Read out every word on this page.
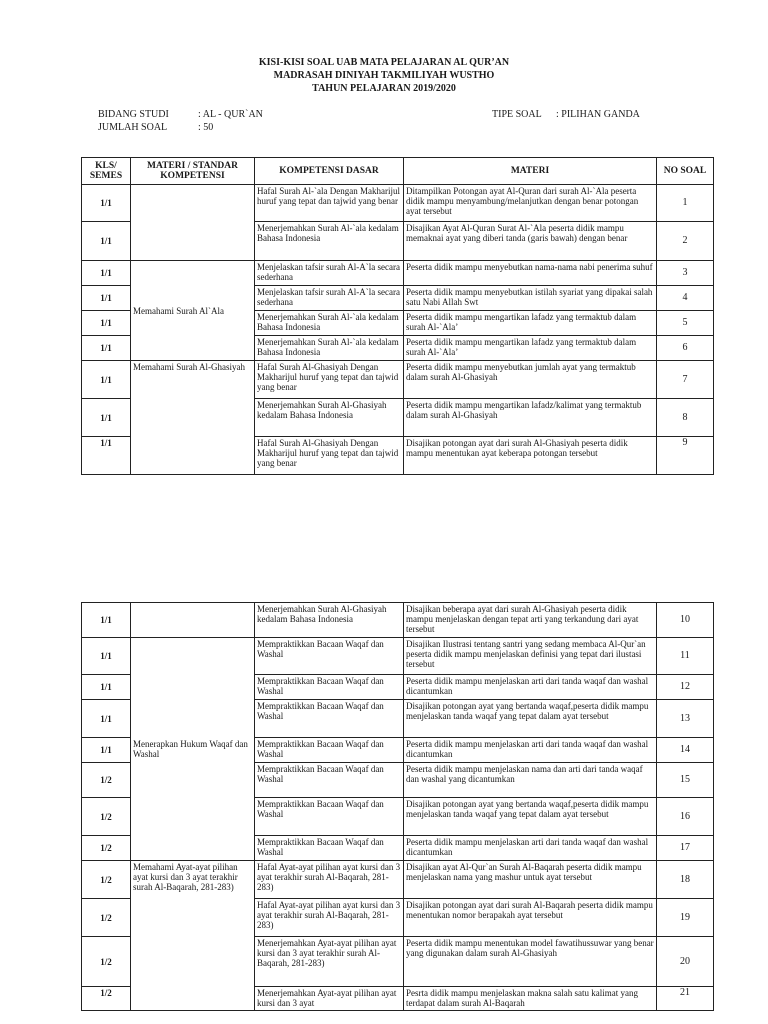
KISI-KISI SOAL UAB MATA PELAJARAN AL QUR’AN
MADRASAH DINIYAH TAKMILIYAH WUSTHO
TAHUN PELAJARAN 2019/2020
BIDANG STUDI	: AL - QUR`AN
JUMLAH SOAL	: 50
TIPE SOAL : PILIHAN GANDA
KLS/ SEMES	MATERI / STANDAR KOMPETENSI	KOMPETENSI DASAR	MATERI	NO SOAL
1/1		Hafal Surah Al-`ala Dengan Makharijul huruf yang tepat dan tajwid yang benar	Ditampilkan Potongan ayat Al-Quran dari surah Al-`Ala peserta didik mampu menyambung/melanjutkan dengan benar potongan ayat tersebut	1
1/1		Menerjemahkan Surah Al-`ala kedalam Bahasa Indonesia	Disajikan Ayat Al-Quran Surat Al-`Ala peserta didik mampu memaknai ayat yang diberi tanda (garis bawah) dengan benar	2
1/1	Memahami Surah Al`Ala	Menjelaskan tafsir surah Al-A`la secara sederhana	Peserta didik mampu menyebutkan nama-nama nabi penerima suhuf	3
1/1		Menjelaskan tafsir surah Al-A`la secara sederhana	Peserta didik mampu menyebutkan istilah syariat yang dipakai salah satu Nabi Allah Swt	4
1/1		Menerjemahkan Surah Al-`ala kedalam Bahasa Indonesia	Peserta didik mampu mengartikan lafadz yang termaktub dalam surah Al-`Ala’	5
1/1		Menerjemahkan Surah Al-`ala kedalam Bahasa Indonesia	Peserta didik mampu mengartikan lafadz yang termaktub dalam surah Al-`Ala’	6
1/1	Memahami Surah Al-Ghasiyah	Hafal Surah Al-Ghasiyah Dengan Makharijul huruf yang tepat dan tajwid yang benar	Peserta didik mampu menyebutkan jumlah ayat yang termaktub dalam surah Al-Ghasiyah	7
1/1		Menerjemahkan Surah Al-Ghasiyah kedalam Bahasa Indonesia	Peserta didik mampu mengartikan lafadz/kalimat yang termaktub dalam surah Al-Ghasiyah	8
1/1		Hafal Surah Al-Ghasiyah Dengan Makharijul huruf yang tepat dan tajwid yang benar	Disajikan potongan ayat dari surah Al-Ghasiyah peserta didik mampu menentukan ayat keberapa potongan tersebut	9
1/1		Menerjemahkan Surah Al-Ghasiyah kedalam Bahasa Indonesia	Disajikan beberapa ayat dari surah Al-Ghasiyah peserta didik mampu menjelaskan dengan tepat arti yang terkandung dari ayat tersebut	10
1/1	Menerapkan Hukum Waqaf dan Washal	Mempraktikkan Bacaan Waqaf dan Washal	Disajikan Ilustrasi tentang santri yang sedang membaca Al-Qur`an peserta didik mampu menjelaskan definisi yang tepat dari ilustasi tersebut	11
1/1		Mempraktikkan Bacaan Waqaf dan Washal	Peserta didik mampu menjelaskan arti dari tanda waqaf dan washal dicantumkan	12
1/1		Mempraktikkan Bacaan Waqaf dan Washal	Disajikan potongan ayat yang bertanda waqaf,peserta didik mampu menjelaskan tanda waqaf yang tepat dalam ayat tersebut	13
1/1		Mempraktikkan Bacaan Waqaf dan Washal	Peserta didik mampu menjelaskan arti dari tanda waqaf dan washal dicantumkan	14
1/2		Mempraktikkan Bacaan Waqaf dan Washal	Peserta didik mampu menjelaskan nama dan arti dari tanda waqaf dan washal yang dicantumkan	15
1/2		Mempraktikkan Bacaan Waqaf dan Washal	Disajikan potongan ayat yang bertanda waqaf,peserta didik mampu menjelaskan tanda waqaf yang tepat dalam ayat tersebut	16
1/2		Mempraktikkan Bacaan Waqaf dan Washal	Peserta didik mampu menjelaskan arti dari tanda waqaf dan washal dicantumkan	17
1/2	Memahami Ayat-ayat pilihan ayat kursi dan 3 ayat terakhir surah Al-Baqarah, 281-283)	Hafal Ayat-ayat pilihan ayat kursi dan 3 ayat terakhir surah Al-Baqarah, 281-283)	Disajikan ayat Al-Qur`an Surah Al-Baqarah peserta didik mampu menjelaskan nama yang mashur untuk ayat tersebut	18
1/2		Hafal Ayat-ayat pilihan ayat kursi dan 3 ayat terakhir surah Al-Baqarah, 281-283)	Disajikan potongan ayat dari surah Al-Baqarah peserta didik mampu menentukan nomor berapakah ayat tersebut	19
1/2		Menerjemahkan Ayat-ayat pilihan ayat kursi dan 3 ayat terakhir surah Al-Baqarah, 281-283)	Peserta didik mampu menentukan model fawatihussuwar yang benar yang digunakan dalam surah Al-Ghasiyah	20
1/2		Menerjemahkan Ayat-ayat pilihan ayat kursi dan 3 ayat	Pesrta didik mampu menjelaskan makna salah satu kalimat yang terdapat dalam surah Al-Baqarah	21
